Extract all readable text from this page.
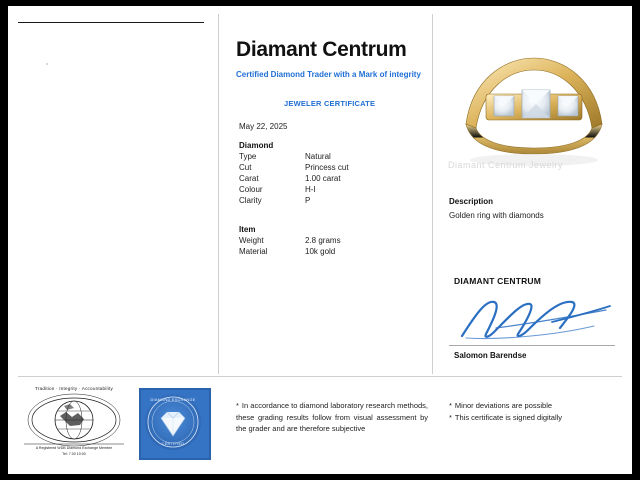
Diamant Centrum
Certified Diamond Trader with a Mark of integrity
JEWELER CERTIFICATE
May 22, 2025
Diamond
Type	Natural
Cut	Princess cut
Carat	1.00 carat
Colour	H-I
Clarity	P
Item
Weight	2.8 grams
Material	10k gold
Diamant Centrum Jewelry
Description
Golden ring with diamonds
DIAMANT CENTRUM
Salomon Barendse
* In accordance to diamond laboratory research methods, these grading results follow from visual assessment by the grader and are therefore subjective
* Minor deviations are possible
* This certificate is signed digitally
Tradition · Integrity · Accountability
A Registered WDB Diamond Exchange Member
Tel: 7.00 10:00
DIAMOND EXCHANGE
CERTIFIED
